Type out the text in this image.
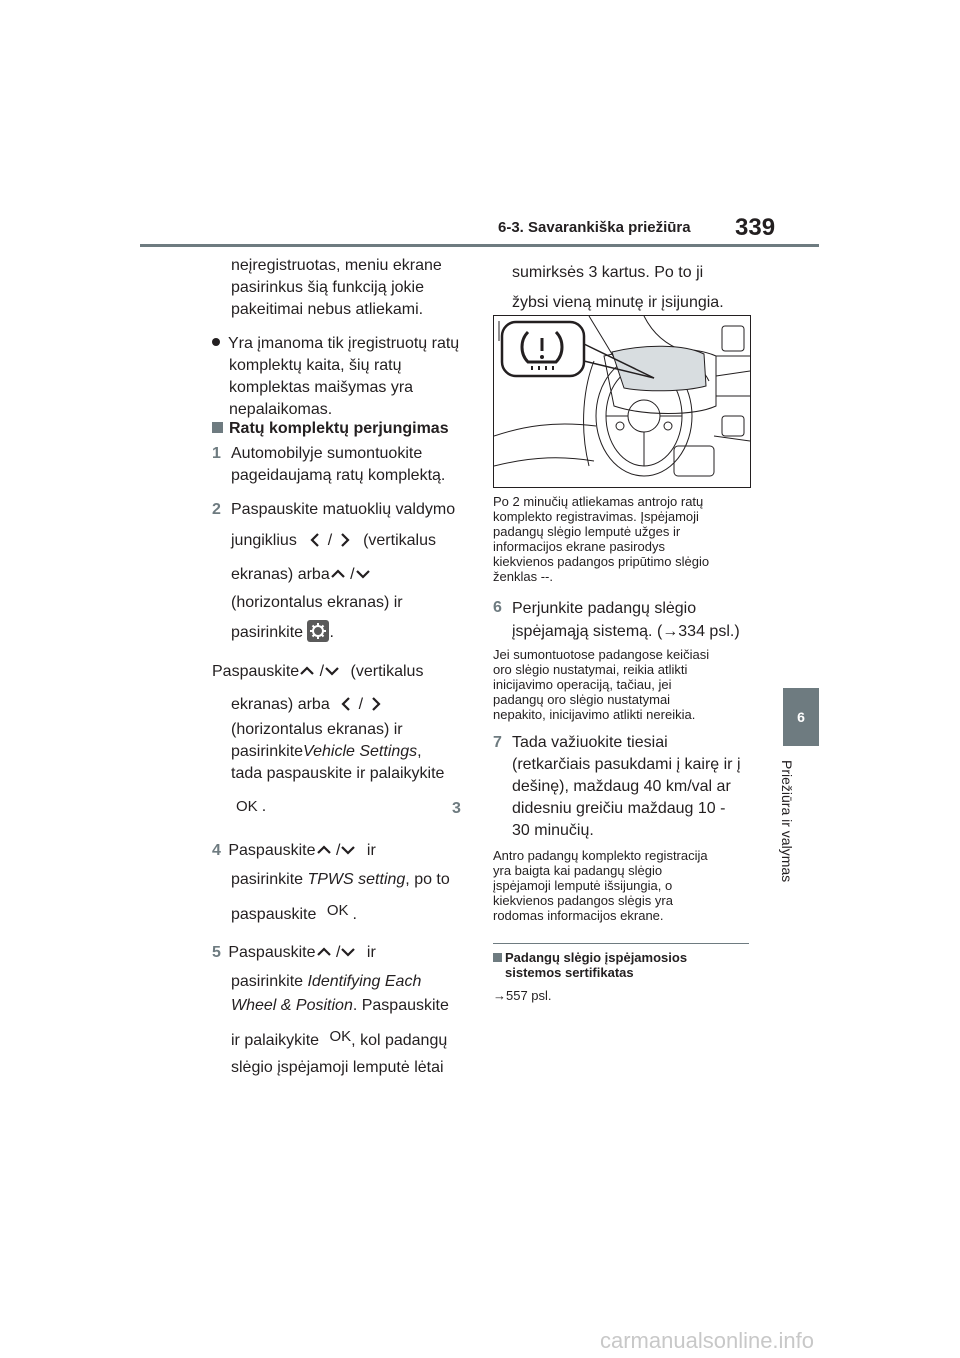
6-3. Savarankiška priežiūra 339
6
Priežiūra ir valymas
neįregistruotas, meniu ekrane
pasirinkus šią funkciją jokie
pakeitimai nebus atliekami.
Yra įmanoma tik įregistruotų ratų
komplektų kaita, šių ratų
komplektas maišymas yra
nepalaikomas.
Ratų komplektų perjungimas
1 Automobilyje sumontuokite
pageidaujamą ratų komplektą.
2 Paspauskite matuoklių valdymo
jungiklius / (vertikalus
ekranas) arba /
(horizontalus ekranas) ir
pasirinkite .
Paspauskite / (vertikalus
ekranas) arba /
(horizontalus ekranas) ir
pasirinkiteVehicle Settings,
tada paspauskite ir palaikykite
OK .	3
4 Paspauskite / ir
pasirinkite TPWS setting, po to
paspauskite OK .
5 Paspauskite / ir
pasirinkite Identifying Each
Wheel & Position. Paspauskite
ir palaikykite OK, kol padangų
slėgio įspėjamoji lemputė lėtai
sumirksės 3 kartus. Po to ji
žybsi vieną minutę ir įsijungia.
Po 2 minučių atliekamas antrojo ratų
komplekto registravimas. Įspėjamoji
padangų slėgio lemputė užges ir
informacijos ekrane pasirodys
kiekvienos padangos pripūtimo slėgio
ženklas --.
6 Perjunkite padangų slėgio
įspėjamąją sistemą. (→334 psl.)
Jei sumontuotose padangose keičiasi
oro slėgio nustatymai, reikia atlikti
inicijavimo operaciją, tačiau, jei
padangų oro slėgio nustatymai
nepakito, inicijavimo atlikti nereikia.
7 Tada važiuokite tiesiai
(retkarčiais pasukdami į kairę ir į
dešinę), maždaug 40 km/val ar
didesniu greičiu maždaug 10 -
30 minučių.
Antro padangų komplekto registracija
yra baigta kai padangų slėgio
įspėjamoji lemputė išsijungia, o
kiekvienos padangos slėgis yra
rodomas informacijos ekrane.
Padangų slėgio įspėjamosios
sistemos sertifikatas
→557 psl.
carmanualsonline.info
